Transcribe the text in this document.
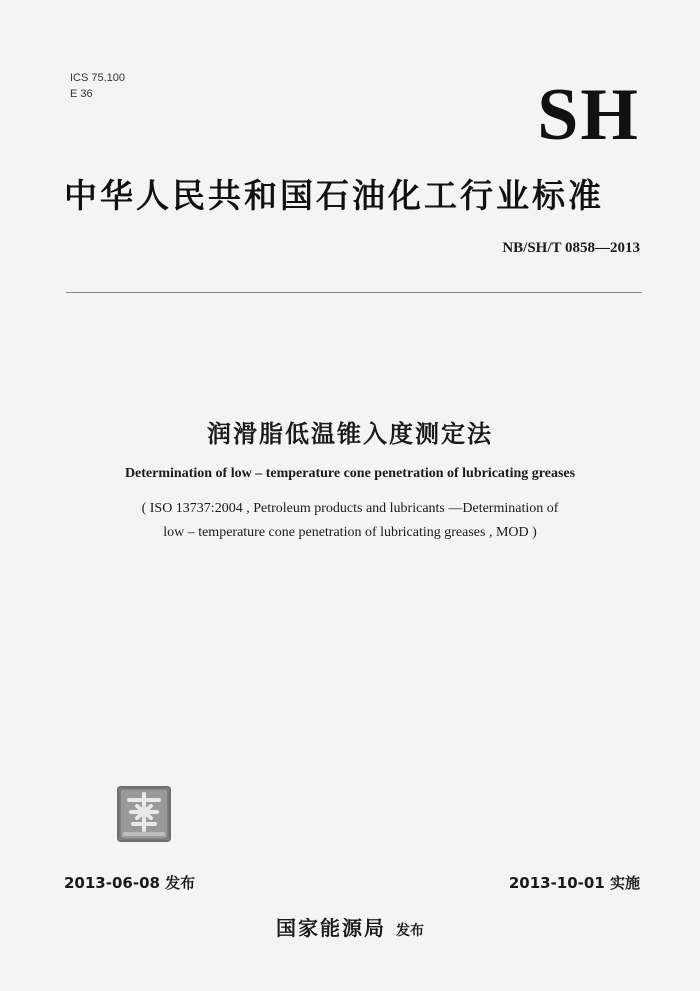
ICS 75.100
E 36	SH
中华人民共和国石油化工行业标准
NB/SH/T 0858—2013
润滑脂低温锥入度测定法
Determination of low – temperature cone penetration of lubricating greases
( ISO 13737:2004 , Petroleum products and lubricants —Determination of
low – temperature cone penetration of lubricating greases , MOD )
2013-06-08 发布	2013-10-01 实施
国家能源局 发布
